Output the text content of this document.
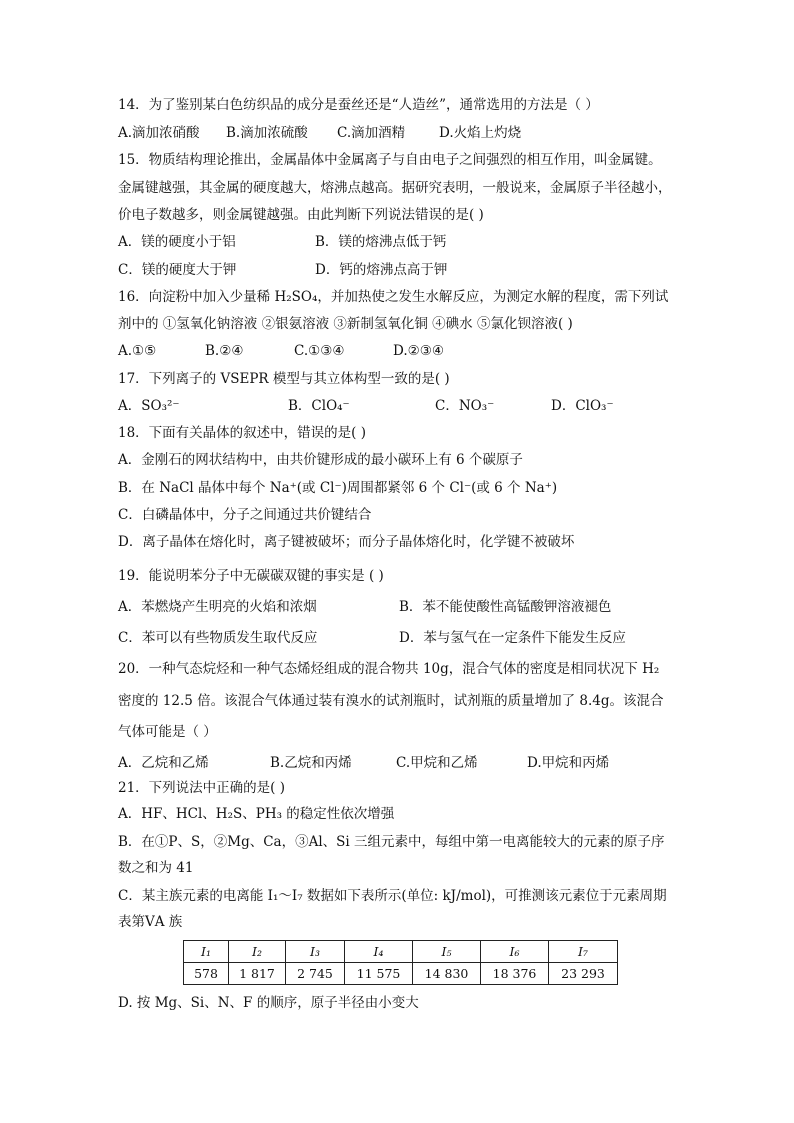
14．为了鉴别某白色纺织品的成分是蚕丝还是“人造丝”，通常选用的方法是（ ）
A.滴加浓硝酸 B.滴加浓硫酸 C.滴加酒精	D.火焰上灼烧
15．物质结构理论推出，金属晶体中金属离子与自由电子之间强烈的相互作用，叫金属键。
金属键越强，其金属的硬度越大，熔沸点越高。据研究表明，一般说来，金属原子半径越小，
价电子数越多，则金属键越强。由此判断下列说法错误的是( )
A．镁的硬度小于铝	B．镁的熔沸点低于钙
C．镁的硬度大于钾	D．钙的熔沸点高于钾
16．向淀粉中加入少量稀 H₂SO₄，并加热使之发生水解反应，为测定水解的程度，需下列试
剂中的 ①氢氧化钠溶液 ②银氨溶液 ③新制氢氧化铜 ④碘水 ⑤氯化钡溶液( )
A.①⑤	B.②④	C.①③④	D.②③④
17．下列离子的 VSEPR 模型与其立体构型一致的是( )
A．SO₃²⁻	B．ClO₄⁻	C．NO₃⁻	D．ClO₃⁻
18．下面有关晶体的叙述中，错误的是( )
A．金刚石的网状结构中，由共价键形成的最小碳环上有 6 个碳原子
B．在 NaCl 晶体中每个 Na⁺(或 Cl⁻)周围都紧邻 6 个 Cl⁻(或 6 个 Na⁺)
C．白磷晶体中，分子之间通过共价键结合
D．离子晶体在熔化时，离子键被破坏；而分子晶体熔化时，化学键不被破坏
19．能说明苯分子中无碳碳双键的事实是 ( )
A．苯燃烧产生明亮的火焰和浓烟	B．苯不能使酸性高锰酸钾溶液褪色
C．苯可以有些物质发生取代反应	D．苯与氢气在一定条件下能发生反应
20．一种气态烷烃和一种气态烯烃组成的混合物共 10g，混合气体的密度是相同状况下 H₂
密度的 12.5 倍。该混合气体通过装有溴水的试剂瓶时，试剂瓶的质量增加了 8.4g。该混合
气体可能是（ ）
A．乙烷和乙烯	B.乙烷和丙烯	C.甲烷和乙烯	D.甲烷和丙烯
21．下列说法中正确的是( )
A．HF、HCl、H₂S、PH₃ 的稳定性依次增强
B．在①P、S，②Mg、Ca，③Al、Si 三组元素中，每组中第一电离能较大的元素的原子序
数之和为 41
C．某主族元素的电离能 I₁～I₇ 数据如下表所示(单位: kJ/mol)，可推测该元素位于元素周期
表第ⅤA 族
I₁	I₂	I₃	I₄	I₅	I₆	I₇
578	1 817	2 745	11 575	14 830	18 376	23 293
D. 按 Mg、Si、N、F 的顺序，原子半径由小变大
